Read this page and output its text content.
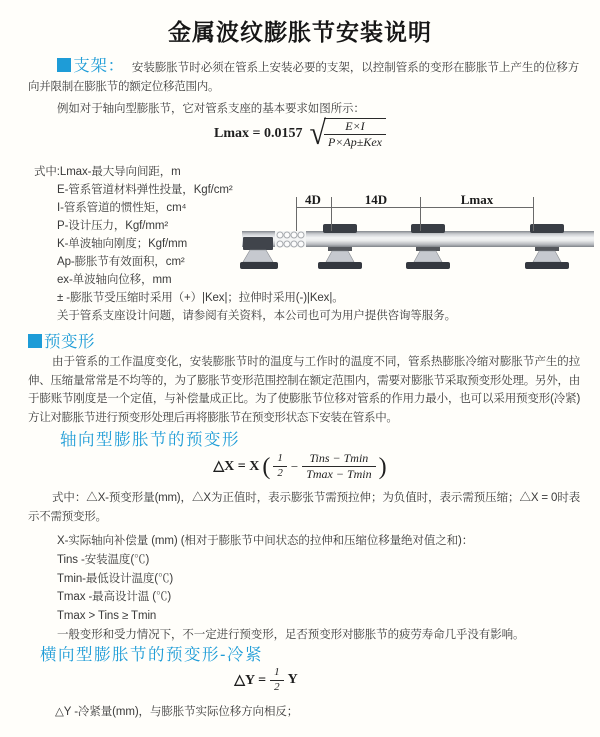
金属波纹膨胀节安装说明
支架： 安装膨胀节时必须在管系上安装必要的支架，以控制管系的变形在膨胀节上产生的位移方向并限制在膨胀节的额定位移范围内。
例如对于轴向型膨胀节，它对管系支座的基本要求如图所示：
Lmax = 0.0157 √
$\frac{E\times I}{\text{P×Ap±Kex}}$
式中:Lmax-最大导向间距，m
E-管系管道材料弹性投量，Kgf/cm²
I-管系管道的惯性矩，cm⁴
P-设计压力，Kgf/mm²
K-单波轴向刚度；Kgf/mm
Ap-膨胀节有效面积，cm²
ex-单波轴向位移，mm
± -膨胀节受压缩时采用（+）|Kex|；拉伸时采用(-)|Kex|。
关于管系支座设计问题，请参阅有关资料，本公司也可为用户提供咨询等服务。
4D	14D	Lmax
预变形
由于管系的工作温度变化，安装膨胀节时的温度与工作时的温度不同，管系热膨胀冷缩对膨胀节产生的拉伸、压缩量常常是不均等的，为了膨胀节变形范围控制在额定范围内，需要对膨胀节采取预变形处理。另外，由于膨账节刚度是一个定值，与补偿量成正比。为了使膨胀节位移对管系的作用力最小，也可以采用预变形(冷紧)方让对膨胀节进行预变形处理后再将膨胀节在预变形状态下安装在管系中。
轴向型膨胀节的预变形
△X = X ( $\frac{1}{2} - \frac{\text{Tins − Tmin}}{Tmax - Tmin}$ )
式中：△X-预变形量(mm)，△X为正值时，表示膨张节需预拉伸；为负值时，表示需预压缩；△X = 0时表示不需预变形。
X-实际轴向补偿量 (mm) (相对于膨胀节中间状态的拉伸和压缩位移量绝对值之和)：
Tins -安装温度(℃)
Tmin-最低设计温度(℃)
Tmax -最高设计温 (℃)
Tmax > Tins ≥ Tmin
一般变形和受力情况下，不一定进行预变形，足否预变形对膨胀节的疲劳寿命几乎没有影响。
横向型膨胀节的预变形-冷紧
△Y = $\frac{1}{2}$ Y
△Y -冷紧量(mm)，与膨胀节实际位移方向相反；
